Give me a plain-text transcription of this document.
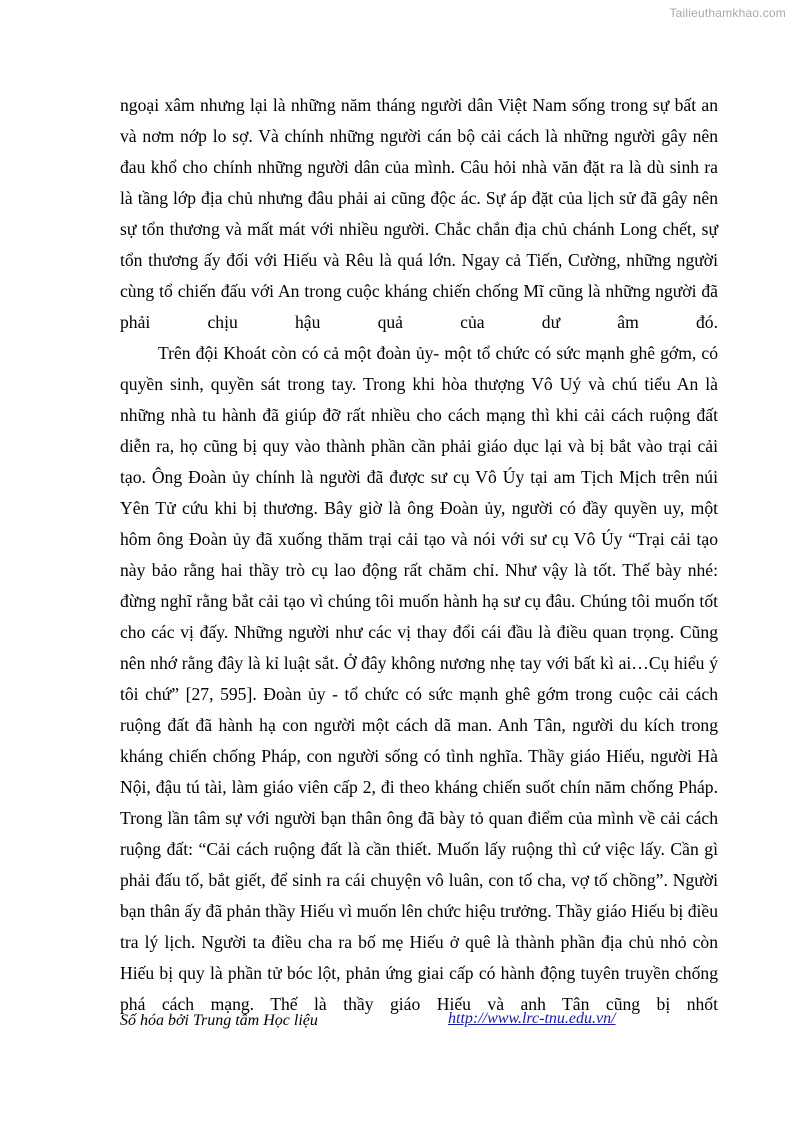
Tailieuthamkhao.com

ngoại xâm nhưng lại là những năm tháng người dân Việt Nam sống trong sự bất an và nơm nớp lo sợ. Và chính những người cán bộ cải cách là những người gây nên đau khổ cho chính những người dân của mình. Câu hỏi nhà văn đặt ra là dù sinh ra là tầng lớp địa chủ nhưng đâu phải ai cũng độc ác. Sự áp đặt của lịch sử đã gây nên sự tổn thương và mất mát với nhiều người. Chắc chắn địa chủ chánh Long chết, sự tổn thương ấy đối với Hiếu và Rêu là quá lớn. Ngay cả Tiến, Cường, những người cùng tổ chiến đấu với An trong cuộc kháng chiến chống Mĩ cũng là những người đã phải chịu hậu quả của dư âm đó.

Trên đội Khoát còn có cả một đoàn ủy- một tổ chức có sức mạnh ghê gớm, có quyền sinh, quyền sát trong tay. Trong khi hòa thượng Vô Uý và chú tiểu An là những nhà tu hành đã giúp đỡ rất nhiều cho cách mạng thì khi cải cách ruộng đất diễn ra, họ cũng bị quy vào thành phần cần phải giáo dục lại và bị bắt vào trại cải tạo. Ông Đoàn ủy chính là người đã được sư cụ Vô Úy tại am Tịch Mịch trên núi Yên Tử cứu khi bị thương. Bây giờ là ông Đoàn ủy, người có đầy quyền uy, một hôm ông Đoàn ủy đã xuống thăm trại cải tạo và nói với sư cụ Vô Úy “Trại cải tạo này bảo rằng hai thầy trò cụ lao động rất chăm chỉ. Như vậy là tốt. Thế bày nhé: đừng nghĩ rằng bắt cải tạo vì chúng tôi muốn hành hạ sư cụ đâu. Chúng tôi muốn tốt cho các vị đấy. Những người như các vị thay đổi cái đầu là điều quan trọng. Cũng nên nhớ rằng đây là kỉ luật sắt. Ở đây không nương nhẹ tay với bất kì ai…Cụ hiểu ý tôi chứ” [27, 595]. Đoàn ủy - tổ chức có sức mạnh ghê gớm trong cuộc cải cách ruộng đất đã hành hạ con người một cách dã man. Anh Tân, người du kích trong kháng chiến chống Pháp, con người sống có tình nghĩa. Thầy giáo Hiếu, người Hà Nội, đậu tú tài, làm giáo viên cấp 2, đi theo kháng chiến suốt chín năm chống Pháp. Trong lần tâm sự với người bạn thân ông đã bày tỏ quan điểm của mình về cải cách ruộng đất: “Cải cách ruộng đất là cần thiết. Muốn lấy ruộng thì cứ việc lấy. Cần gì phải đấu tố, bắt giết, để sinh ra cái chuyện vô luân, con tố cha, vợ tố chồng”. Người bạn thân ấy đã phản thầy Hiếu vì muốn lên chức hiệu trưởng. Thầy giáo Hiếu bị điều tra lý lịch. Người ta điều cha ra bố mẹ Hiếu ở quê là thành phần địa chủ nhỏ còn Hiếu bị quy là phần tử bóc lột, phản ứng giai cấp có hành động tuyên truyền chống phá cách mạng. Thế là thầy giáo Hiếu và anh Tân cũng bị nhốt

Số hóa bởi Trung tâm Học liệu	http://www.lrc-tnu.edu.vn/
